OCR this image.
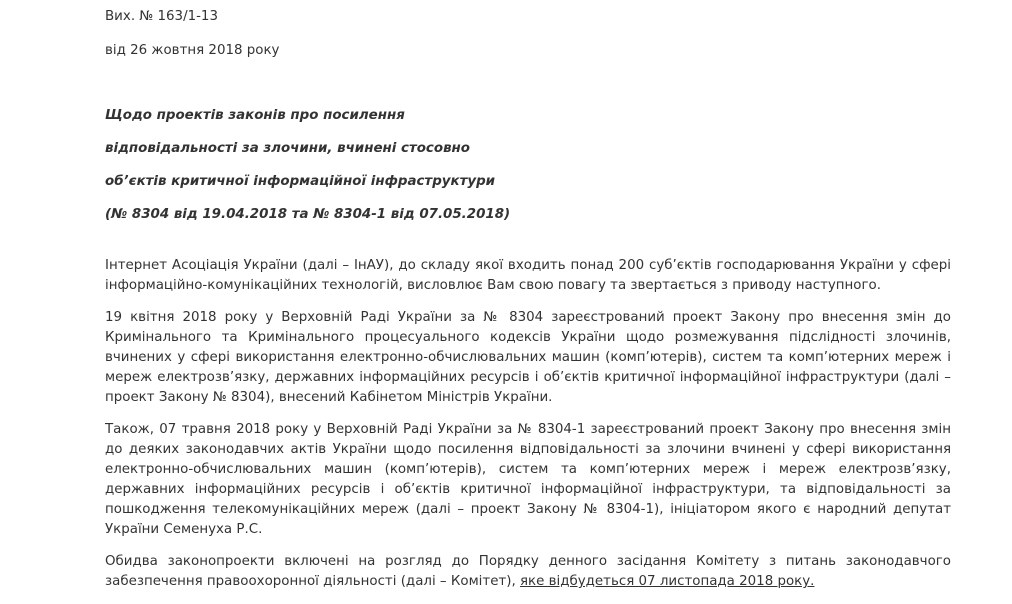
Вих. № 163/1-13

від 26 жовтня 2018 року

Щодо проектів законів про посилення

відповідальності за злочини, вчинені стосовно

об’єктів критичної інформаційної інфраструктури

(№ 8304 від 19.04.2018 та № 8304-1 від 07.05.2018)

Інтернет Асоціація України (далі – ІнАУ), до складу якої входить понад 200 суб’єктів господарювання України у сфері інформаційно-комунікаційних технологій, висловлює Вам свою повагу та звертається з приводу наступного.

19 квітня 2018 року у Верховній Раді України за № 8304 зареєстрований проект Закону про внесення змін до Кримінального та Кримінального процесуального кодексів України щодо розмежування підслідності злочинів, вчинених у сфері використання електронно-обчислювальних машин (комп’ютерів), систем та комп’ютерних мереж і мереж електрозв’язку, державних інформаційних ресурсів і об’єктів критичної інформаційної інфраструктури (далі – проект Закону № 8304), внесений Кабінетом Міністрів України.

Також, 07 травня 2018 року у Верховній Раді України за № 8304-1 зареєстрований проект Закону про внесення змін до деяких законодавчих актів України щодо посилення відповідальності за злочини вчинені у сфері використання електронно-обчислювальних машин (комп’ютерів), систем та комп’ютерних мереж і мереж електрозв’язку, державних інформаційних ресурсів і об’єктів критичної інформаційної інфраструктури, та відповідальності за пошкодження телекомунікаційних мереж (далі – проект Закону № 8304-1), ініціатором якого є народний депутат України Семенуха Р.С.

Обидва законопроекти включені на розгляд до Порядку денного засідання Комітету з питань законодавчого забезпечення правоохоронної діяльності (далі – Комітет), яке відбудеться 07 листопада 2018 року.
